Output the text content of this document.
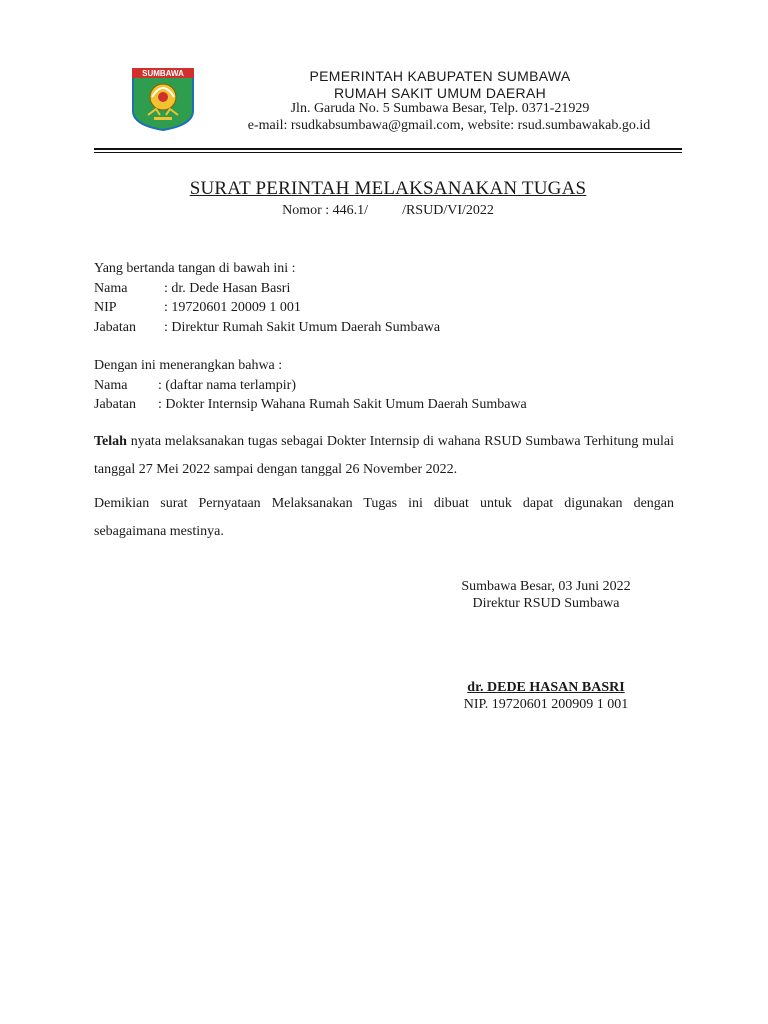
SUMBAWA	PEMERINTAH KABUPATEN SUMBAWA
RUMAH SAKIT UMUM DAERAH
Jln. Garuda No. 5 Sumbawa Besar, Telp. 0371-21929
e-mail: rsudkabsumbawa@gmail.com, website: rsud.sumbawakab.go.id
SURAT PERINTAH MELAKSANAKAN TUGAS
Nomor : 446.1/ /RSUD/VI/2022
Yang bertanda tangan di bawah ini :
Nama	: dr. Dede Hasan Basri
NIP	: 19720601 20009 1 001
Jabatan	: Direktur Rumah Sakit Umum Daerah Sumbawa
Dengan ini menerangkan bahwa :
Nama	: (daftar nama terlampir)
Jabatan	: Dokter Internsip Wahana Rumah Sakit Umum Daerah Sumbawa
Telah nyata melaksanakan tugas sebagai Dokter Internsip di wahana RSUD Sumbawa Terhitung mulai tanggal 27 Mei 2022 sampai dengan tanggal 26 November 2022.
Demikian surat Pernyataan Melaksanakan Tugas ini dibuat untuk dapat digunakan dengan sebagaimana mestinya.
Sumbawa Besar, 03 Juni 2022
Direktur RSUD Sumbawa
dr. DEDE HASAN BASRI
NIP. 19720601 200909 1 001
